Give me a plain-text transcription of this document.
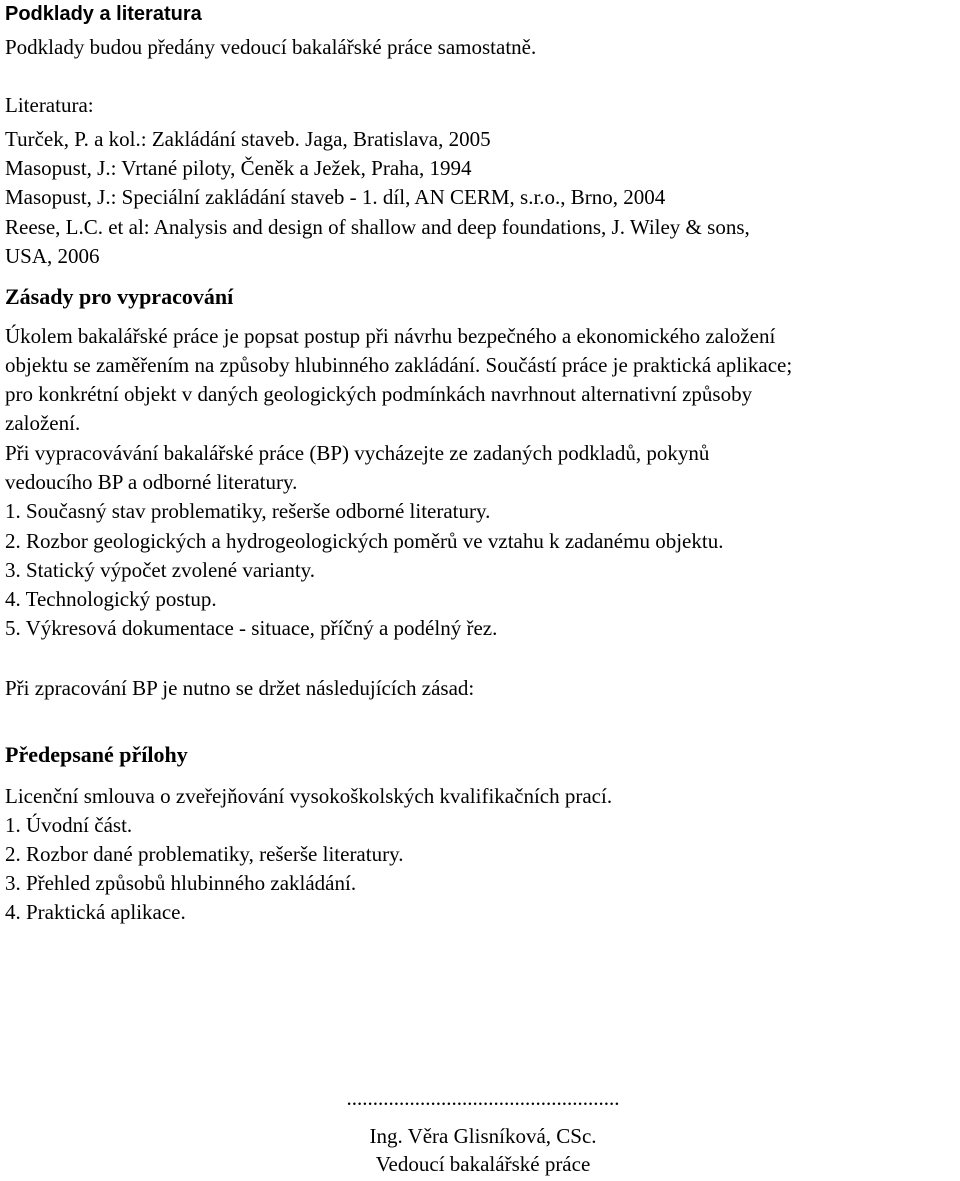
Podklady a literatura
Podklady budou předány vedoucí bakalářské práce samostatně.
Literatura:
Turček, P. a kol.: Zakládání staveb. Jaga, Bratislava, 2005
Masopust, J.: Vrtané piloty, Čeněk a Ježek, Praha, 1994
Masopust, J.: Speciální zakládání staveb - 1. díl, AN CERM, s.r.o., Brno, 2004
Reese, L.C. et al: Analysis and design of shallow and deep foundations, J. Wiley & sons,
USA, 2006
Zásady pro vypracování
Úkolem bakalářské práce je popsat postup při návrhu bezpečného a ekonomického založení
objektu se zaměřením na způsoby hlubinného zakládání. Součástí práce je praktická aplikace;
pro konkrétní objekt v daných geologických podmínkách navrhnout alternativní způsoby
založení.
Při vypracovávání bakalářské práce (BP) vycházejte ze zadaných podkladů, pokynů
vedoucího BP a odborné literatury.
1. Současný stav problematiky, rešerše odborné literatury.
2. Rozbor geologických a hydrogeologických poměrů ve vztahu k zadanému objektu.
3. Statický výpočet zvolené varianty.
4. Technologický postup.
5. Výkresová dokumentace - situace, příčný a podélný řez.
Při zpracování BP je nutno se držet následujících zásad:
Předepsané přílohy
Licenční smlouva o zveřejňování vysokoškolských kvalifikačních prací.
1. Úvodní část.
2. Rozbor dané problematiky, rešerše literatury.
3. Přehled způsobů hlubinného zakládání.
4. Praktická aplikace.
....................................................
Ing. Věra Glisníková, CSc.
Vedoucí bakalářské práce
